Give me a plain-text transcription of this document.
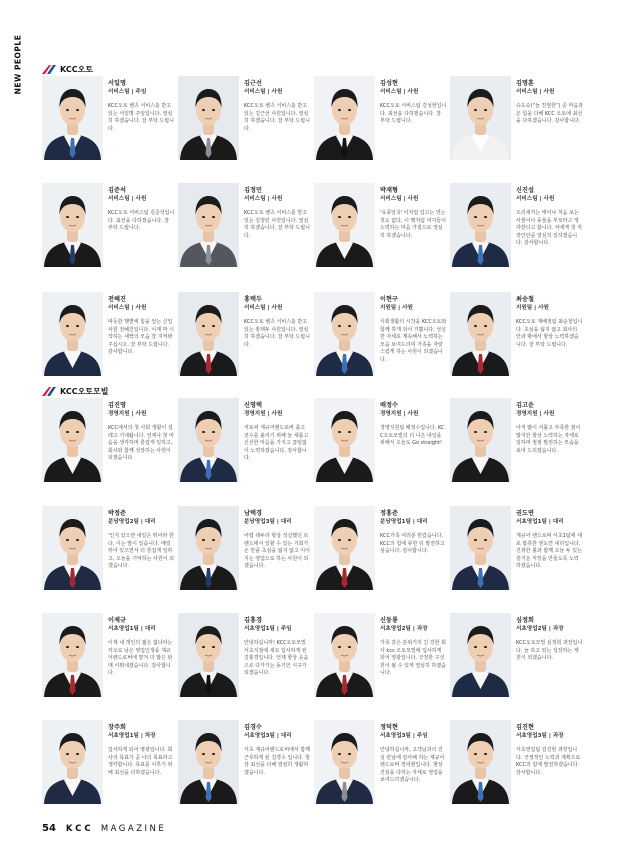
NEW PEOPLE	KCC오토
KCC오토모빌
서일명
서비스팀 | 주임
KCC오토 벤츠 서비스를 받고 있는 서일명 주임입니다. 열심히 하겠습니다. 잘 부탁 드립니다.
김근선
서비스팀 | 사원
KCC오토 벤츠 서비스를 받고 있는 김근선 사원입니다. 열심히 하겠습니다. 잘 부탁 드립니다.
김성현
서비스팀 | 사원
KCC오토 서비스팀 김성현입니다. 최선을 다하겠습니다. 잘 부탁 드립니다.
김명훈
서비스팀 | 사원
슈도슈(“늘 친절한”) 준 마음과 온 힘을 다해 KCC 오토에 최선을 다하겠습니다. 감사합니다.
김준석
서비스팀 | 사원
KCC오토 서비스팀 김준석입니다. 최선을 다하겠습니다. 잘 부탁 드립니다.
김정민
서비스팀 | 사원
KCC오토 벤츠 서비스를 받고 있는 김정민 사원입니다. 열심히 하겠습니다. 잘 부탁 드립니다.
박재형
서비스팀 | 사원
'유종일국' 이처럼 입고는 먼는 것도 없다, 이 행처럼 여지들이 노력하는 마음 가짐으로 열심히 하겠습니다.
신진섭
서비스팀 | 사원
오리새끼는 태어나 처음 보는 사물이나 동물을 부모라고 생각한다고 합니다. 저에게 첫 직장인만큼 열심히 일하겠습니다. 감사합니다.
전혜진
서비스팀 | 사원
따듯한 햇볕에 힘을 얻는 신입사원 전혜진입니다. 이제 막 시작하는 새싹의 모습 잘 지켜봐 주십시오. 잘 부탁 드립니다. 감사합니다.
홍택두
서비스팀 | 사원
KCC오토 벤츠 서비스를 받고 있는 홍택두 사원입니다. 열심히 하겠습니다. 잘 부탁 드립니다.
이현구
지원팀 | 사원
사회생활의 시작을 KCC오토와 함께 하게 되어 기쁩니다. 성실한 자세로 계속해서 노력하는 모습 보여드리며 가족을 자랑스럽게 하는 사원이 되겠습니다.
최승철
지원팀 | 사원
KCC오토 재배정팀 최순철입니다. 초심을 잃지 않고 회사의 안과 밖에서 항상 노력하겠습니다. 잘 부탁 드립니다.
김진영
경영지원 | 사원
KCC에서의 첫 사회 생활이 설레고 기대됩니다. 언제나 첫 마음을 생각하며 즐겁게 일하고, 회사와 함께 성장하는 사원이 되겠습니다.
신영택
경영지원 | 사원
저로써 재규어랜드로버 출고 전수를 올리기 위해 늘 새롭고 신선한 마음을 가지고 끊임없이 노력하겠습니다. 감사합니다.
배정수
경영지원 | 사원
경영지원팀 배정수입니다. KCC오토모빌의 더 나은 내일을 위해서 오늘도 Go straight!
김고운
경영지원 | 사원
아직 많이 서툴고 부족한 점이 많지만 항상 노력하는 자세로 임하며 점점 발전하는 모습을 보여 드리겠습니다.
박정준
분당영업2팀 | 대리
'인지 있으면 내일은 뛰어라 한다, 이는 말이 있습니다. 매일 뛰어 있으면서 더 즐겁게 일하고, 오늘을 기억하는 사원이 되겠습니다.
남택경
분당영업3팀 | 대리
어렵 테두리 항상 성실했던 브랜드에서 일할 수 있는 기회가 온 만큼 초심을 잃지 않고 이이지는 영업으로 하는 사원이 되겠습니다.
정홍준
분당영업1팀 | 대리
KCC가족 여러분 반갑습니다. KCC의 힘에 뮤한 뒤 발전하고 싶습니다. 감사합니다.
권도연
서초영업1팀 | 대리
재규어 랜드로버 서초1팀에 새로 합류한 권도연 대리입니다. 진취한 볼과 함께 오늘 두 있는 즐거운 직장을 만들도록 노력하겠습니다.
이제규
서초영업1팀 | 대리
이제 내 개인의 젊은 없다라는 각오로 남은 영업인생을 재규어랜드로버에 맡겨 더 많은 판매 이뤄내겠습니다. 감사합니다.
김홍경
서초영업1팀 | 주임
안녕하십니까! KCC오토모빌 서초지점에 새로 입사하게 된 김홍경입니다. 언제 항상 웃음으로 다가가는 동기인 식구가 되겠습니다.
신동룡
서초영업2팀 | 과장
가족 같은 분위기의 긴 강한 회사 kcc 오토모빌에 입사하게 되어 영광입니다. 긍정한 구성원이 될 수 있게 열심히 하겠습니다.
심정희
서초영업2팀 | 과장
KCC오토모빌 심정희 과장입니다. 늘 하고 있는 성장하는 재원이 되겠습니다.
장주희
서초영업1팀 | 차장
입사하게 되어 영광입니다. 회사의 목표가 곧 나의 목표라고 생각합니다. 목표를 이루기 위해 최선을 다하겠습니다.
김경수
서초영업3팀 | 대리
서초 재규어랜드로버에서 함께 근무하게 된 김경수 입니다. 항상 최선을 다해 열심히 생활하겠습니다.
정덕현
서초영업3팀 | 주임
안녕하십니까, 고객님과의 진실 만남에 감사해 하는 재규어 랜드로버 정덕현입니다. 항상 진심을 다하는 자세로 영업을 보여드리겠습니다.
김진현
서초영업3팀 | 과장
서초영업팀 김진현 과장입니다. 긍정적인 노력과 계획으로 KCC의 힘에 발전하겠습니다. 감사합니다.
54 KCC MAGAZINE
